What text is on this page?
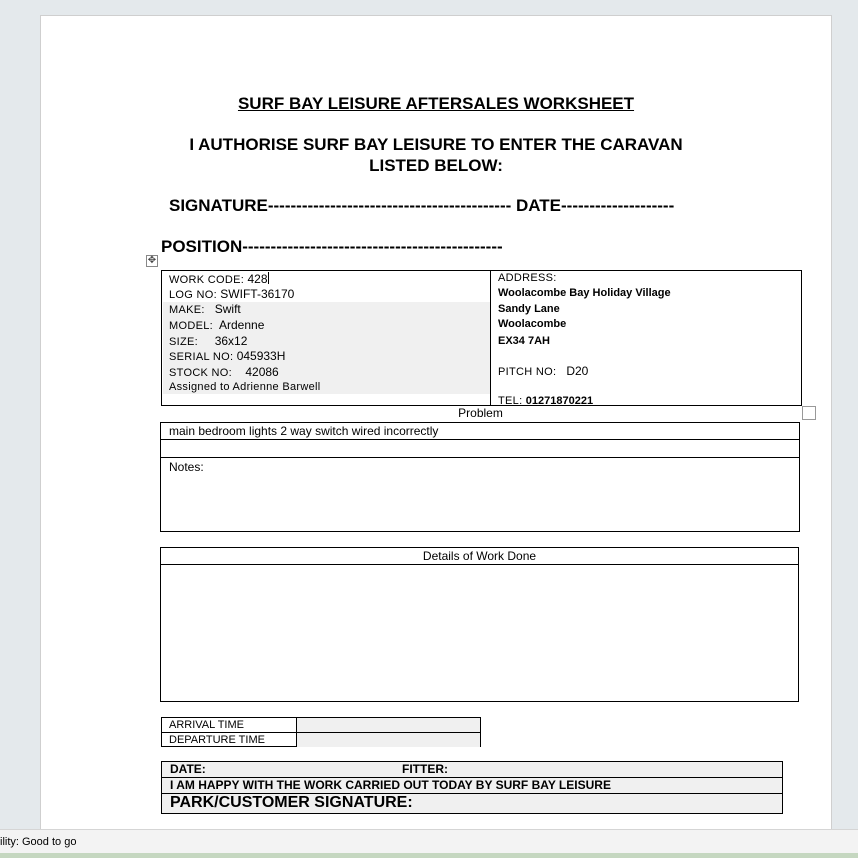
SURF BAY LEISURE AFTERSALES WORKSHEET
I AUTHORISE SURF BAY LEISURE TO ENTER THE CARAVAN
LISTED BELOW:
SIGNATURE------------------------------------------- DATE--------------------
POSITION----------------------------------------------
✥
WORK CODE: 428
LOG NO: SWIFT-36170
MAKE: Swift
MODEL: Ardenne
SIZE: 36x12
SERIAL NO: 045933H
STOCK NO: 42086
Assigned to Adrienne Barwell
ADDRESS:
Woolacombe Bay Holiday Village
Sandy Lane
Woolacombe
EX34 7AH
PITCH NO: D20
TEL: 01271870221
Problem
main bedroom lights 2 way switch wired incorrectly
Notes:
Details of Work Done
ARRIVAL TIME
DEPARTURE TIME
DATE:	FITTER:
I AM HAPPY WITH THE WORK CARRIED OUT TODAY BY SURF BAY LEISURE
PARK/CUSTOMER SIGNATURE:
ility: Good to go
